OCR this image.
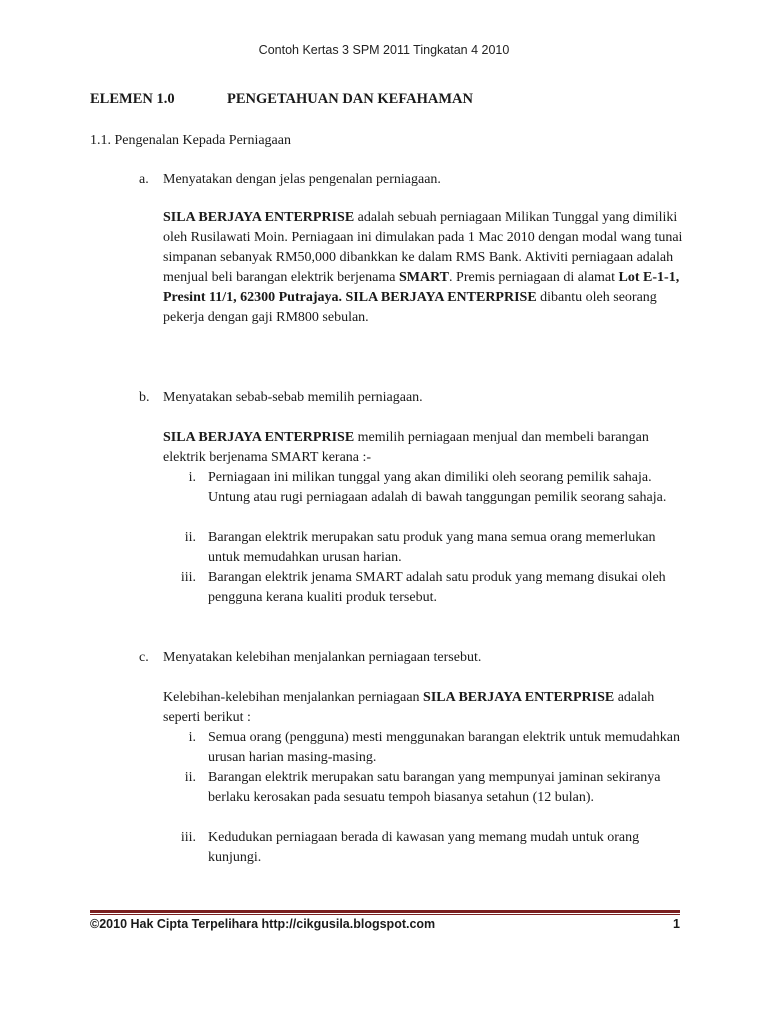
Contoh Kertas 3 SPM 2011 Tingkatan 4 2010
ELEMEN 1.0	PENGETAHUAN DAN KEFAHAMAN
1.1. Pengenalan Kepada Perniagaan
a. Menyatakan dengan jelas pengenalan perniagaan.
SILA BERJAYA ENTERPRISE adalah sebuah perniagaan Milikan Tunggal yang dimiliki oleh Rusilawati Moin. Perniagaan ini dimulakan pada 1 Mac 2010 dengan modal wang tunai simpanan sebanyak RM50,000 dibankkan ke dalam RMS Bank. Aktiviti perniagaan adalah menjual beli barangan elektrik berjenama SMART. Premis perniagaan di alamat Lot E-1-1, Presint 11/1, 62300 Putrajaya. SILA BERJAYA ENTERPRISE dibantu oleh seorang pekerja dengan gaji RM800 sebulan.
b. Menyatakan sebab-sebab memilih perniagaan.
SILA BERJAYA ENTERPRISE memilih perniagaan menjual dan membeli barangan elektrik berjenama SMART kerana :-
i. Perniagaan ini milikan tunggal yang akan dimiliki oleh seorang pemilik sahaja. Untung atau rugi perniagaan adalah di bawah tanggungan pemilik seorang sahaja.
ii. Barangan elektrik merupakan satu produk yang mana semua orang memerlukan untuk memudahkan urusan harian.
iii. Barangan elektrik jenama SMART adalah satu produk yang memang disukai oleh pengguna kerana kualiti produk tersebut.
c. Menyatakan kelebihan menjalankan perniagaan tersebut.
Kelebihan-kelebihan menjalankan perniagaan SILA BERJAYA ENTERPRISE adalah seperti berikut :
i. Semua orang (pengguna) mesti menggunakan barangan elektrik untuk memudahkan urusan harian masing-masing.
ii. Barangan elektrik merupakan satu barangan yang mempunyai jaminan sekiranya berlaku kerosakan pada sesuatu tempoh biasanya setahun (12 bulan).
iii. Kedudukan perniagaan berada di kawasan yang memang mudah untuk orang kunjungi.
©2010 Hak Cipta Terpelihara http://cikgusila.blogspot.com	1
